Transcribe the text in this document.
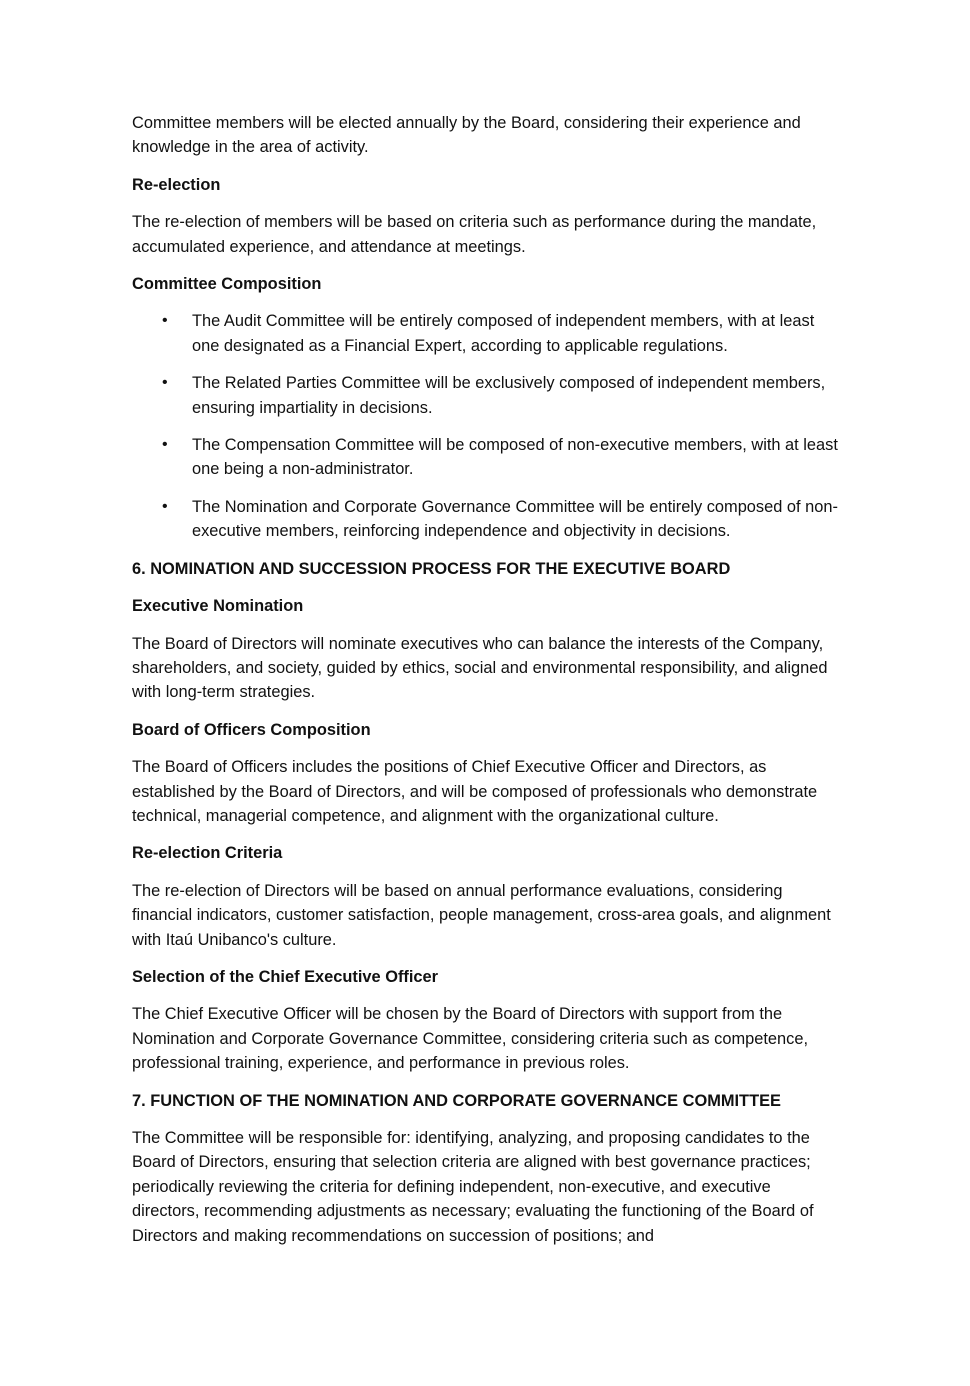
Committee members will be elected annually by the Board, considering their experience and knowledge in the area of activity.

Re-election

The re-election of members will be based on criteria such as performance during the mandate, accumulated experience, and attendance at meetings.

Committee Composition

• The Audit Committee will be entirely composed of independent members, with at least one designated as a Financial Expert, according to applicable regulations.
• The Related Parties Committee will be exclusively composed of independent members, ensuring impartiality in decisions.
• The Compensation Committee will be composed of non-executive members, with at least one being a non-administrator.
• The Nomination and Corporate Governance Committee will be entirely composed of non-executive members, reinforcing independence and objectivity in decisions.

6. NOMINATION AND SUCCESSION PROCESS FOR THE EXECUTIVE BOARD

Executive Nomination

The Board of Directors will nominate executives who can balance the interests of the Company, shareholders, and society, guided by ethics, social and environmental responsibility, and aligned with long-term strategies.

Board of Officers Composition

The Board of Officers includes the positions of Chief Executive Officer and Directors, as established by the Board of Directors, and will be composed of professionals who demonstrate technical, managerial competence, and alignment with the organizational culture.

Re-election Criteria

The re-election of Directors will be based on annual performance evaluations, considering financial indicators, customer satisfaction, people management, cross-area goals, and alignment with Itaú Unibanco's culture.

Selection of the Chief Executive Officer

The Chief Executive Officer will be chosen by the Board of Directors with support from the Nomination and Corporate Governance Committee, considering criteria such as competence, professional training, experience, and performance in previous roles.

7. FUNCTION OF THE NOMINATION AND CORPORATE GOVERNANCE COMMITTEE

The Committee will be responsible for: identifying, analyzing, and proposing candidates to the Board of Directors, ensuring that selection criteria are aligned with best governance practices; periodically reviewing the criteria for defining independent, non-executive, and executive directors, recommending adjustments as necessary; evaluating the functioning of the Board of Directors and making recommendations on succession of positions; and
